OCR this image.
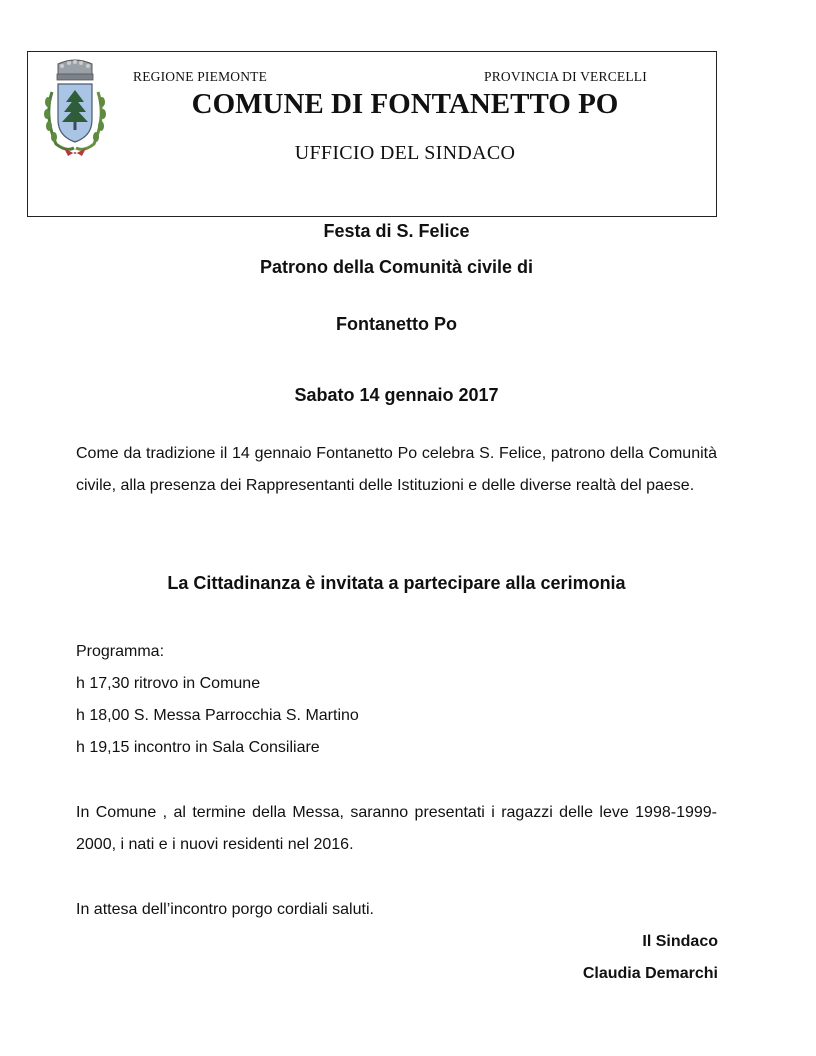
REGIONE PIEMONTE	PROVINCIA DI VERCELLI
COMUNE DI FONTANETTO PO
UFFICIO DEL SINDACO
Festa di S. Felice
Patrono della Comunità civile di
Fontanetto Po
Sabato 14 gennaio 2017
Come da tradizione il 14 gennaio Fontanetto Po celebra S. Felice, patrono della Comunità civile, alla presenza dei Rappresentanti delle Istituzioni e delle diverse realtà del paese.
La Cittadinanza è invitata a partecipare alla cerimonia
Programma:
h 17,30 ritrovo in Comune
h 18,00 S. Messa Parrocchia S. Martino
h 19,15 incontro in Sala Consiliare
In Comune , al termine della Messa, saranno presentati i ragazzi delle leve 1998-1999-2000, i nati e i nuovi residenti nel 2016.
In attesa dell’incontro porgo cordiali saluti.
Il Sindaco
Claudia Demarchi
